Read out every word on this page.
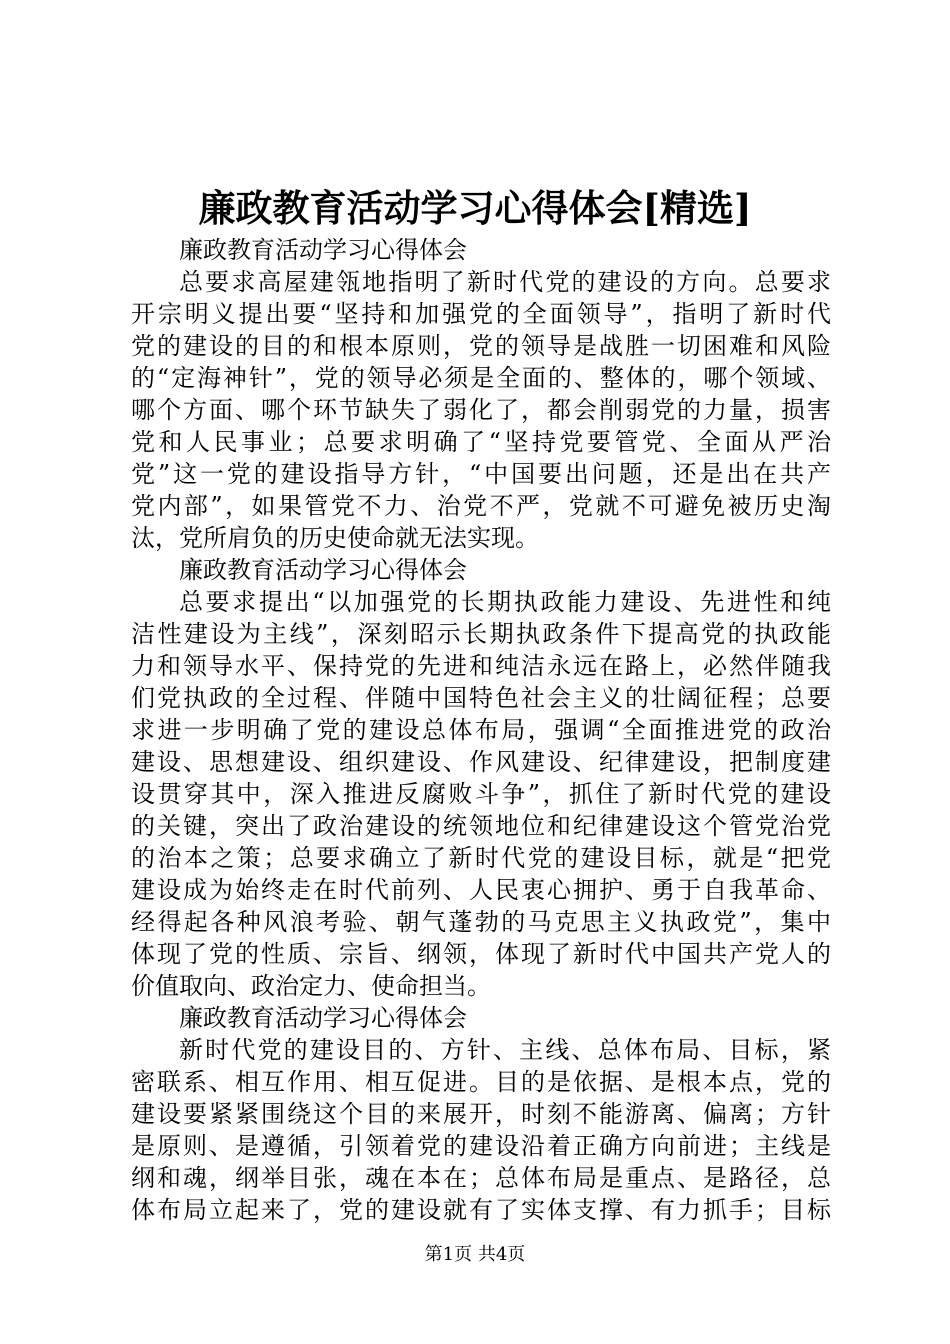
廉政教育活动学习心得体会[精选]
廉政教育活动学习心得体会
总要求高屋建瓴地指明了新时代党的建设的方向。总要求
开宗明义提出要“坚持和加强党的全面领导”，指明了新时代
党的建设的目的和根本原则，党的领导是战胜一切困难和风险
的“定海神针”，党的领导必须是全面的、整体的，哪个领域、
哪个方面、哪个环节缺失了弱化了，都会削弱党的力量，损害
党和人民事业；总要求明确了“坚持党要管党、全面从严治
党”这一党的建设指导方针，“中国要出问题，还是出在共产
党内部”，如果管党不力、治党不严，党就不可避免被历史淘
汰，党所肩负的历史使命就无法实现。
廉政教育活动学习心得体会
总要求提出“以加强党的长期执政能力建设、先进性和纯
洁性建设为主线”，深刻昭示长期执政条件下提高党的执政能
力和领导水平、保持党的先进和纯洁永远在路上，必然伴随我
们党执政的全过程、伴随中国特色社会主义的壮阔征程；总要
求进一步明确了党的建设总体布局，强调“全面推进党的政治
建设、思想建设、组织建设、作风建设、纪律建设，把制度建
设贯穿其中，深入推进反腐败斗争”，抓住了新时代党的建设
的关键，突出了政治建设的统领地位和纪律建设这个管党治党
的治本之策；总要求确立了新时代党的建设目标，就是“把党
建设成为始终走在时代前列、人民衷心拥护、勇于自我革命、
经得起各种风浪考验、朝气蓬勃的马克思主义执政党”，集中
体现了党的性质、宗旨、纲领，体现了新时代中国共产党人的
价值取向、政治定力、使命担当。
廉政教育活动学习心得体会
新时代党的建设目的、方针、主线、总体布局、目标，紧
密联系、相互作用、相互促进。目的是依据、是根本点，党的
建设要紧紧围绕这个目的来展开，时刻不能游离、偏离；方针
是原则、是遵循，引领着党的建设沿着正确方向前进；主线是
纲和魂，纲举目张，魂在本在；总体布局是重点、是路径，总
体布局立起来了，党的建设就有了实体支撑、有力抓手；目标
第1页 共4页
